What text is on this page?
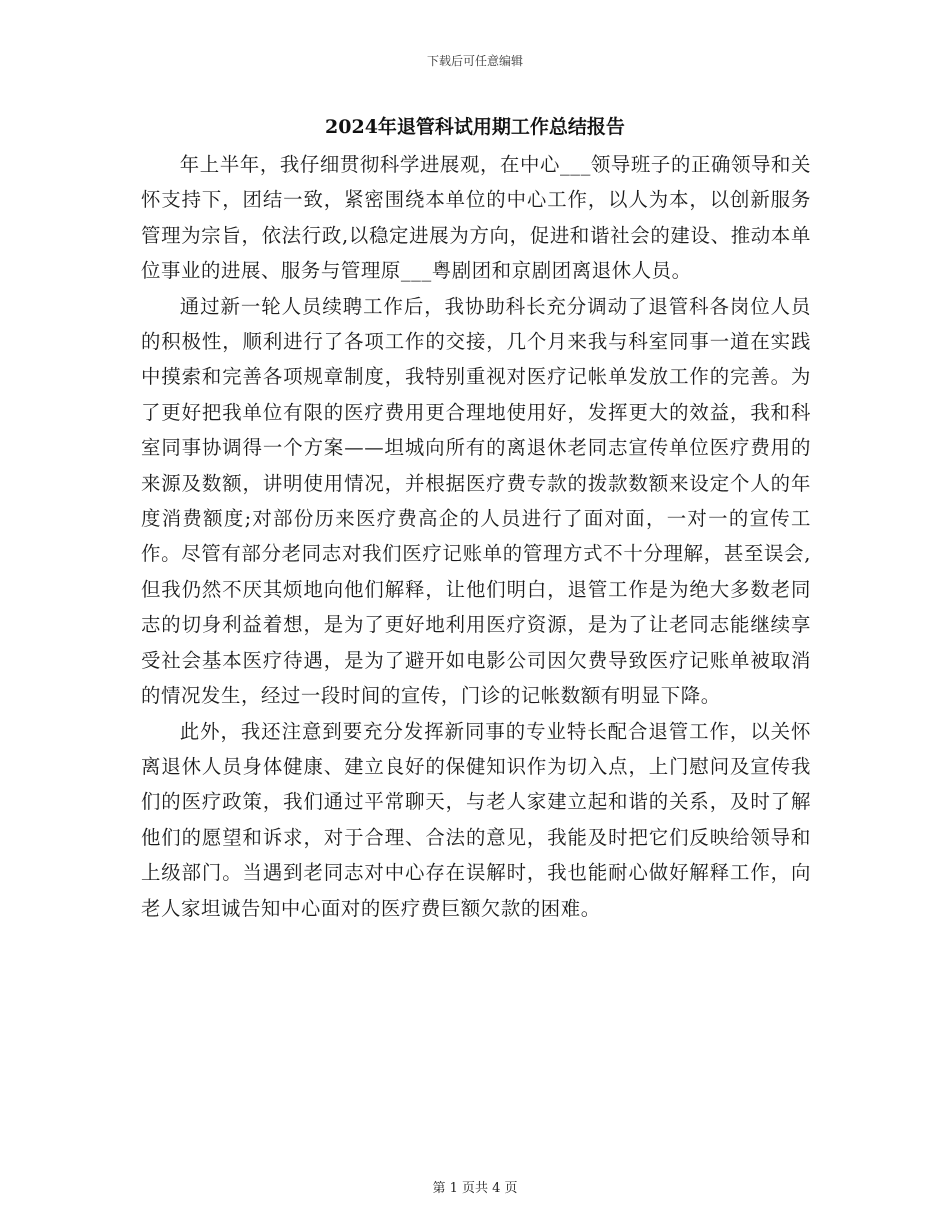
下载后可任意编辑
2024年退管科试用期工作总结报告

年上半年，我仔细贯彻科学进展观，在中心___领导班子的正确领导和关怀支持下，团结一致，紧密围绕本单位的中心工作，以人为本，以创新服务管理为宗旨，依法行政,以稳定进展为方向，促进和谐社会的建设、推动本单位事业的进展、服务与管理原___粤剧团和京剧团离退休人员。

通过新一轮人员续聘工作后，我协助科长充分调动了退管科各岗位人员的积极性，顺利进行了各项工作的交接，几个月来我与科室同事一道在实践中摸索和完善各项规章制度，我特别重视对医疗记帐单发放工作的完善。为了更好把我单位有限的医疗费用更合理地使用好，发挥更大的效益，我和科室同事协调得一个方案——坦城向所有的离退休老同志宣传单位医疗费用的来源及数额，讲明使用情况，并根据医疗费专款的拨款数额来设定个人的年度消费额度;对部份历来医疗费高企的人员进行了面对面，一对一的宣传工作。尽管有部分老同志对我们医疗记账单的管理方式不十分理解，甚至误会,但我仍然不厌其烦地向他们解释，让他们明白，退管工作是为绝大多数老同志的切身利益着想，是为了更好地利用医疗资源，是为了让老同志能继续享受社会基本医疗待遇，是为了避开如电影公司因欠费导致医疗记账单被取消的情况发生，经过一段时间的宣传，门诊的记帐数额有明显下降。

此外，我还注意到要充分发挥新同事的专业特长配合退管工作，以关怀离退休人员身体健康、建立良好的保健知识作为切入点，上门慰问及宣传我们的医疗政策，我们通过平常聊天，与老人家建立起和谐的关系，及时了解他们的愿望和诉求，对于合理、合法的意见，我能及时把它们反映给领导和上级部门。当遇到老同志对中心存在误解时，我也能耐心做好解释工作，向老人家坦诚告知中心面对的医疗费巨额欠款的困难。

第 1 页共 4 页
